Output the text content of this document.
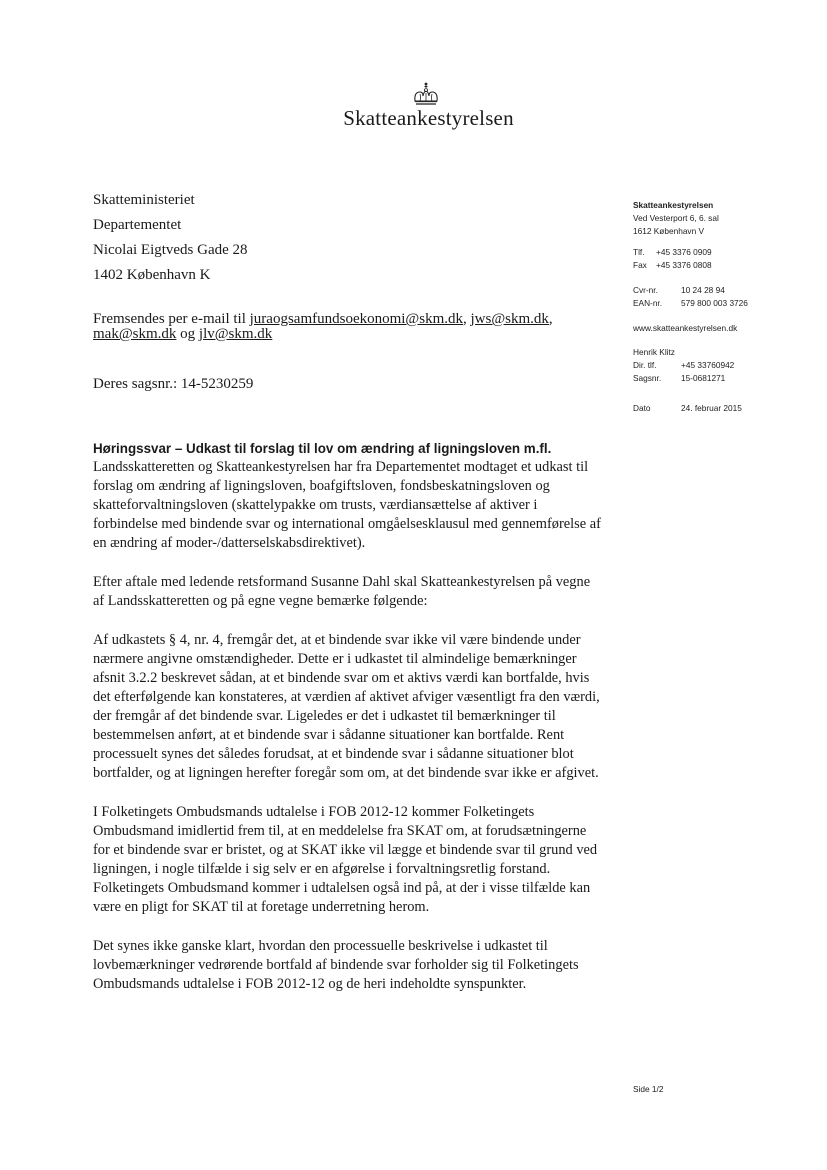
Skatteankestyrelsen
Skatteministeriet
Departementet
Nicolai Eigtveds Gade 28
1402 København K
Fremsendes per e-mail til juraogsamfundsoekonomi@skm.dk, jws@skm.dk,
mak@skm.dk og jlv@skm.dk
Deres sagsnr.: 14-5230259
Skatteankestyrelsen
Ved Vesterport 6, 6. sal
1612 København V
Tlf. +45 3376 0909
Fax +45 3376 0808
Cvr-nr.	10 24 28 94
EAN-nr. 579 800 003 3726
www.skatteankestyrelsen.dk
Henrik Klitz
Dir. tlf.	+45 33760942
Sagsnr. 15-0681271
Dato	24. februar 2015
Høringssvar – Udkast til forslag til lov om ændring af ligningsloven m.fl.

Landsskatteretten og Skatteankestyrelsen har fra Departementet modtaget et udkast til forslag om ændring af ligningsloven, boafgiftsloven, fondsbeskatningsloven og skatteforvaltningsloven (skattelypakke om trusts, værdiansættelse af aktiver i forbindelse med bindende svar og international omgåelsesklausul med gennemførelse af en ændring af moder-/datterselskabsdirektivet).

Efter aftale med ledende retsformand Susanne Dahl skal Skatteankestyrelsen på vegne af Landsskatteretten og på egne vegne bemærke følgende:

Af udkastets § 4, nr. 4, fremgår det, at et bindende svar ikke vil være bindende under nærmere angivne omstændigheder. Dette er i udkastet til almindelige bemærkninger afsnit 3.2.2 beskrevet sådan, at et bindende svar om et aktivs værdi kan bortfalde, hvis det efterfølgende kan konstateres, at værdien af aktivet afviger væsentligt fra den værdi, der fremgår af det bindende svar. Ligeledes er det i udkastet til bemærkninger til bestemmelsen anført, at et bindende svar i sådanne situationer kan bortfalde. Rent processuelt synes det således forudsat, at et bindende svar i sådanne situationer blot bortfalder, og at ligningen herefter foregår som om, at det bindende svar ikke er afgivet.

I Folketingets Ombudsmands udtalelse i FOB 2012-12 kommer Folketingets Ombudsmand imidlertid frem til, at en meddelelse fra SKAT om, at forudsætningerne for et bindende svar er bristet, og at SKAT ikke vil lægge et bindende svar til grund ved ligningen, i nogle tilfælde i sig selv er en afgørelse i forvaltningsretlig forstand. Folketingets Ombudsmand kommer i udtalelsen også ind på, at der i visse tilfælde kan være en pligt for SKAT til at foretage underretning herom.

Det synes ikke ganske klart, hvordan den processuelle beskrivelse i udkastet til lovbemærkninger vedrørende bortfald af bindende svar forholder sig til Folketingets Ombudsmands udtalelse i FOB 2012-12 og de heri indeholdte synspunkter.

Side 1/2
